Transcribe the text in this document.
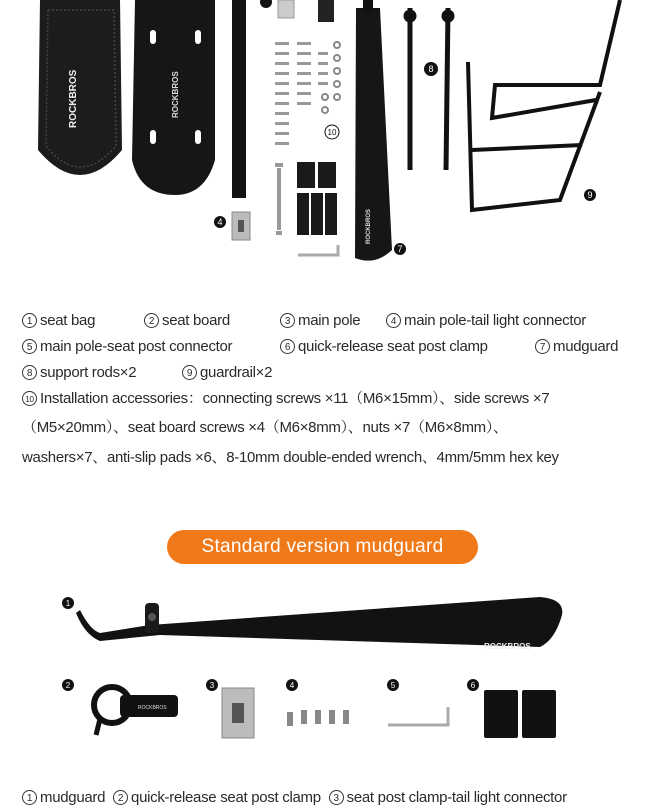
ROCKBROS	ROCKBROS
ROCKBROS
8
10
4
7
9
1 seat bag	2 seat board	3 main pole	4 main pole-tail light connector
5 main pole-seat post connector	6 quick-release seat post clamp	7 mudguard
8 support rods×2	9 guardrail×2
10 Installation accessories：connecting screws ×11（M6×15mm）、side screws ×7
（M5×20mm）、seat board screws ×4（M6×8mm）、nuts ×7（M6×8mm）、
washers×7、anti-slip pads ×6、8-10mm double-ended wrench、4mm/5mm hex key
Standard version mudguard
ROCKBROS
ROCKBROS
1
2	3	4	5	6
1 mudguard 2 quick-release seat post clamp 3 seat post clamp-tail light connector
